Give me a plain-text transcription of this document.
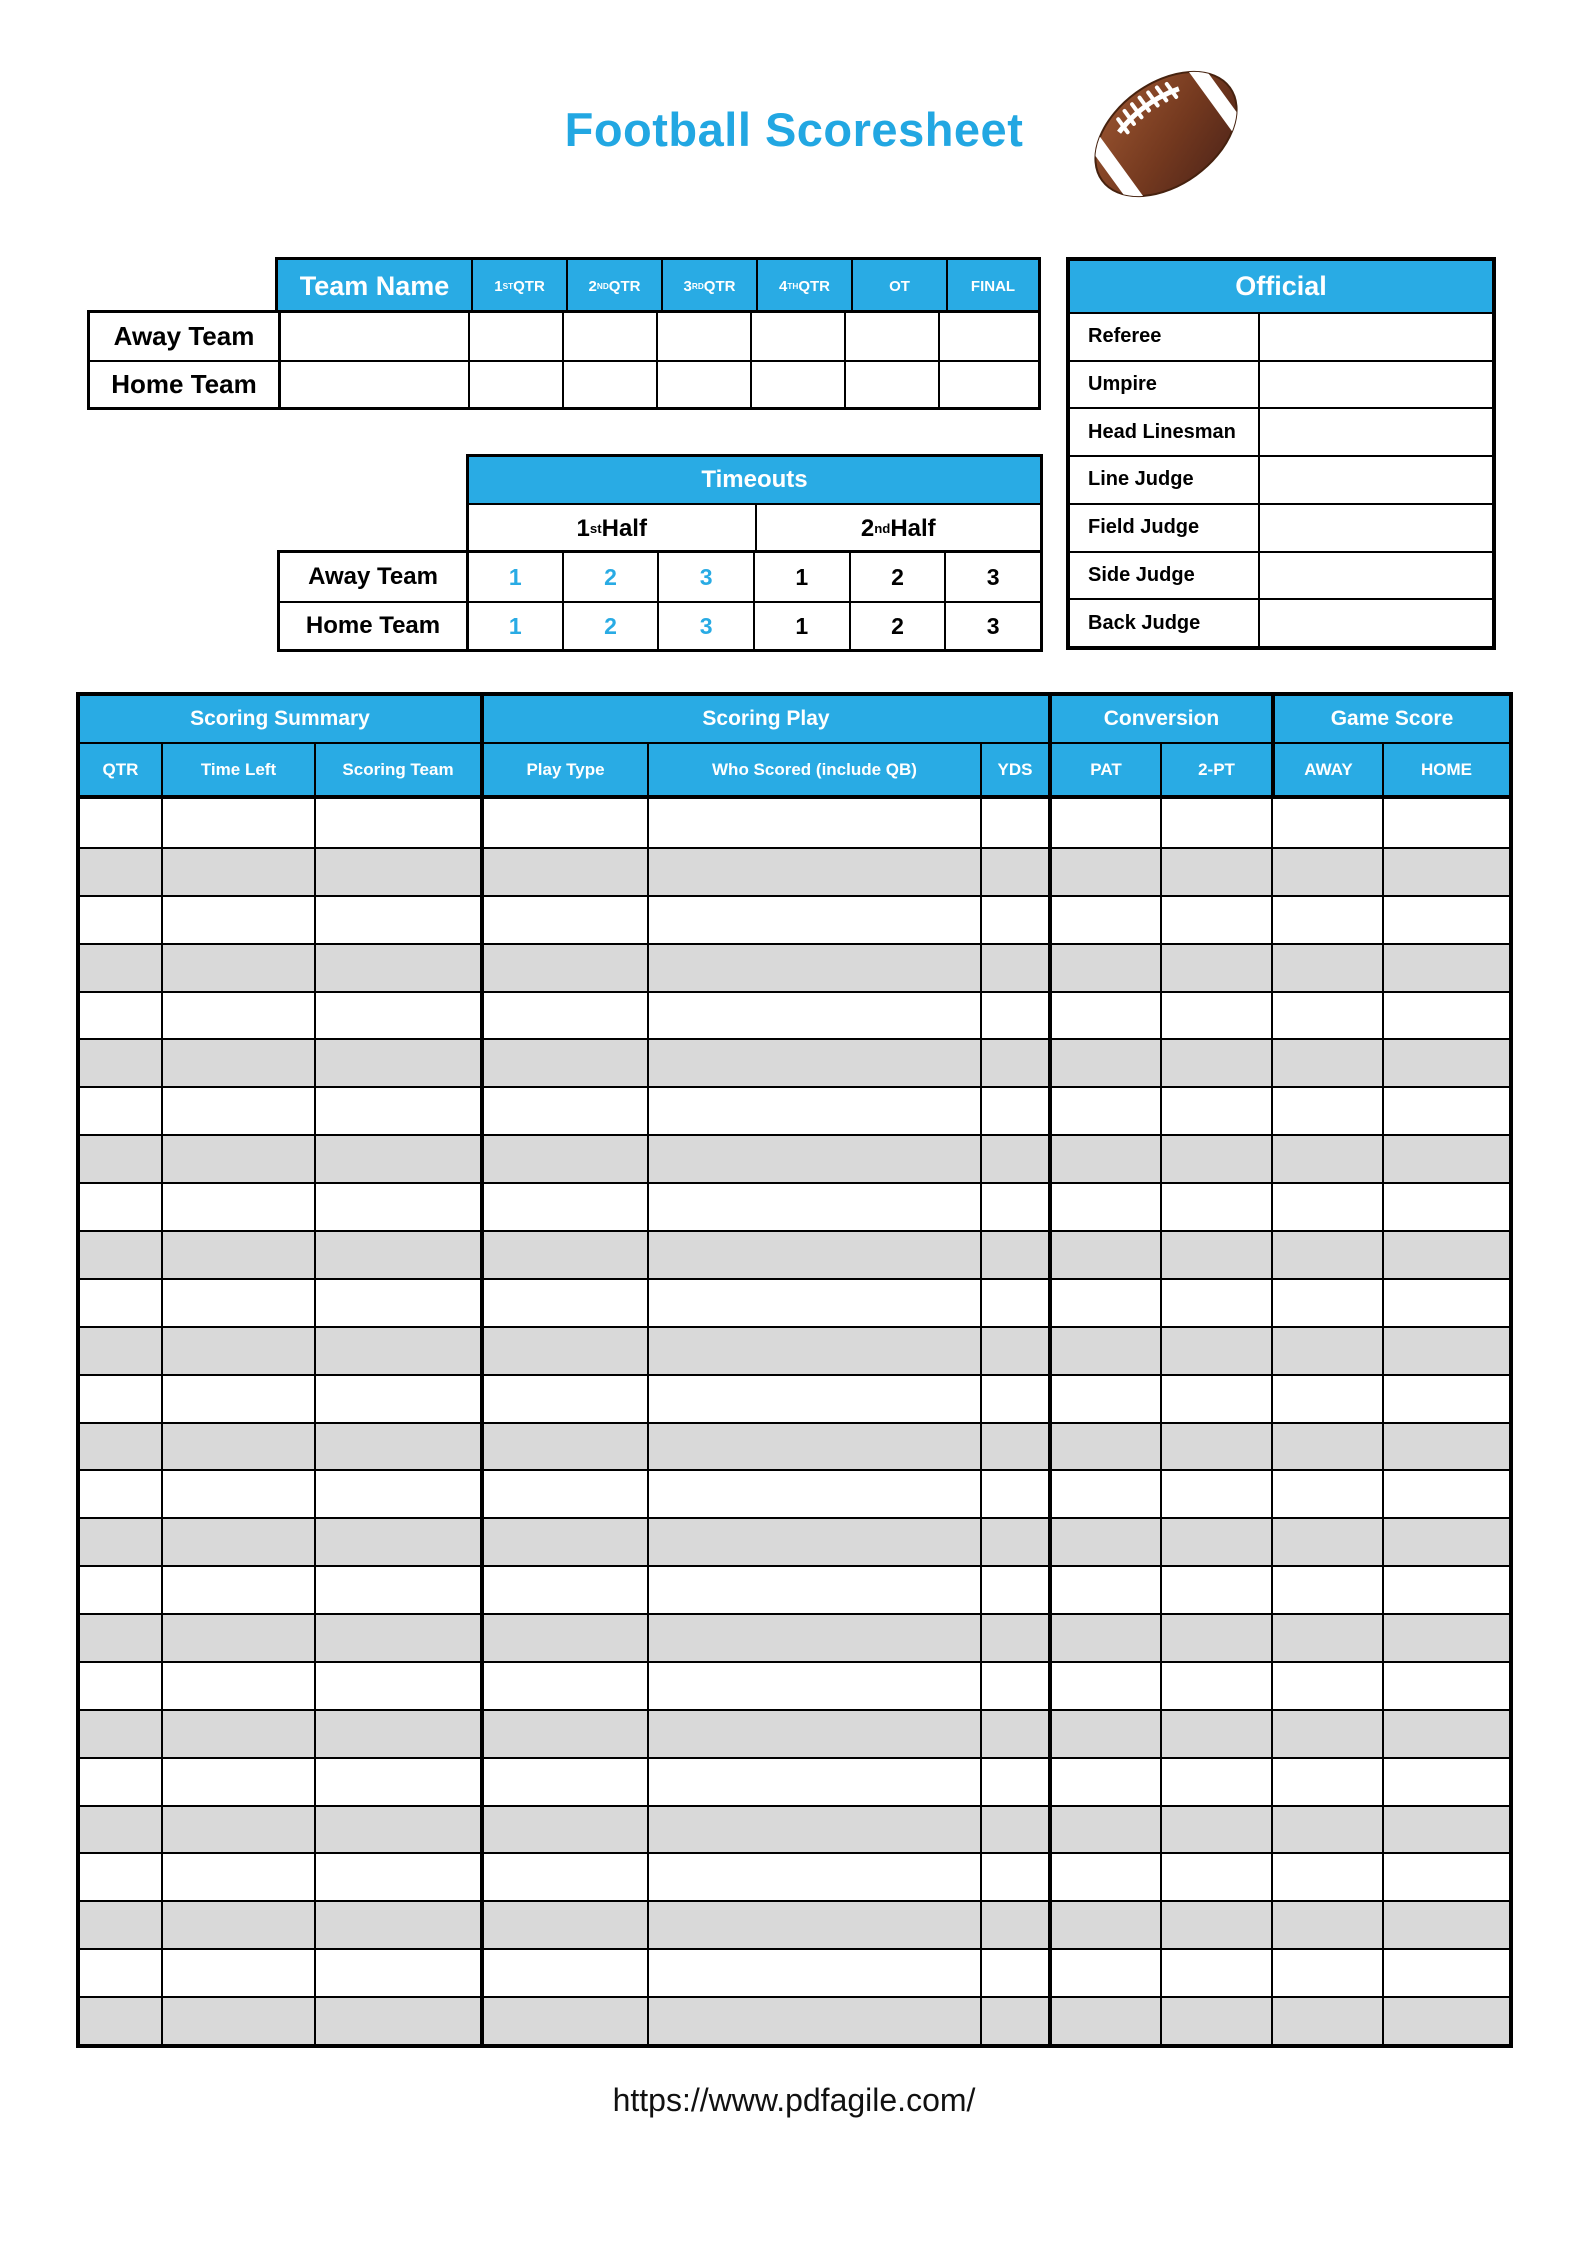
Football Scoresheet
Team Name	1 ST QTR	2 ND QTR	3 RD QTR	4 TH QTR	OT	FINAL
Away Team
Home Team
Official
Referee
Umpire
Head Linesman
Line Judge
Field Judge
Side Judge
Back Judge
Timeouts
1 st Half	2 nd Half
Away Team	1	2	3	1	2	3
Home Team	1	2	3	1	2	3
Scoring Summary	Scoring Play	Conversion	Game Score
QTR	Time Left	Scoring Team	Play Type	Who Scored (include QB)	YDS	PAT	2-PT	AWAY	HOME
https://www.pdfagile.com/
